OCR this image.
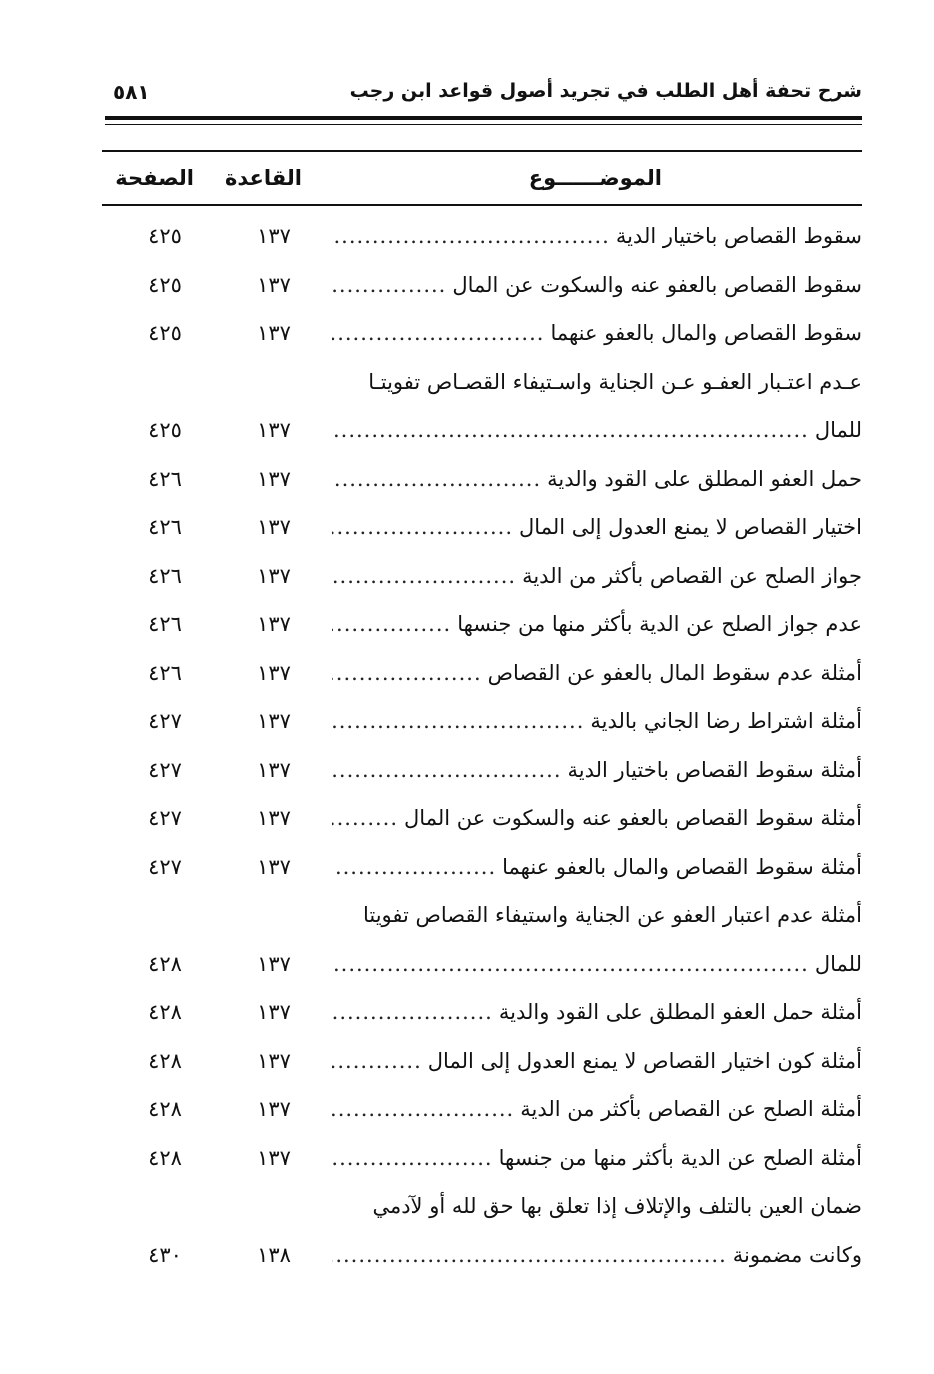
شرح تحفة أهل الطلب في تجريد أصول قواعد ابن رجب
٥٨١
الموضــــــوع
القاعدة
الصفحة
سقوط القصاص باختيار الدية
.....
١٣٧
٤٢٥
سقوط القصاص بالعفو عنه والسكوت عن المال
.....
١٣٧
٤٢٥
سقوط القصاص والمال بالعفو عنهما
.....
١٣٧
٤٢٥
عـدم اعتـبار العفـو عـن الجناية واسـتيفاء القصـاص تفويتـا
للمال
.....
١٣٧
٤٢٥
حمل العفو المطلق على القود والدية
.....
١٣٧
٤٢٦
اختيار القصاص لا يمنع العدول إلى المال
.....
١٣٧
٤٢٦
جواز الصلح عن القصاص بأكثر من الدية
.....
١٣٧
٤٢٦
عدم جواز الصلح عن الدية بأكثر منها من جنسها
.....
١٣٧
٤٢٦
أمثلة عدم سقوط المال بالعفو عن القصاص
.....
١٣٧
٤٢٦
أمثلة اشتراط رضا الجاني بالدية
.....
١٣٧
٤٢٧
أمثلة سقوط القصاص باختيار الدية
.....
١٣٧
٤٢٧
أمثلة سقوط القصاص بالعفو عنه والسكوت عن المال
.....
١٣٧
٤٢٧
أمثلة سقوط القصاص والمال بالعفو عنهما
.....
١٣٧
٤٢٧
أمثلة عدم اعتبار العفو عن الجناية واستيفاء القصاص تفويتا
للمال
.....
١٣٧
٤٢٨
أمثلة حمل العفو المطلق على القود والدية
.....
١٣٧
٤٢٨
أمثلة كون اختيار القصاص لا يمنع العدول إلى المال
.....
١٣٧
٤٢٨
أمثلة الصلح عن القصاص بأكثر من الدية
.....
١٣٧
٤٢٨
أمثلة الصلح عن الدية بأكثر منها من جنسها
.....
١٣٧
٤٢٨
ضمان العين بالتلف والإتلاف إذا تعلق بها حق لله أو لآدمي
وكانت مضمونة
.....
١٣٨
٤٣٠
